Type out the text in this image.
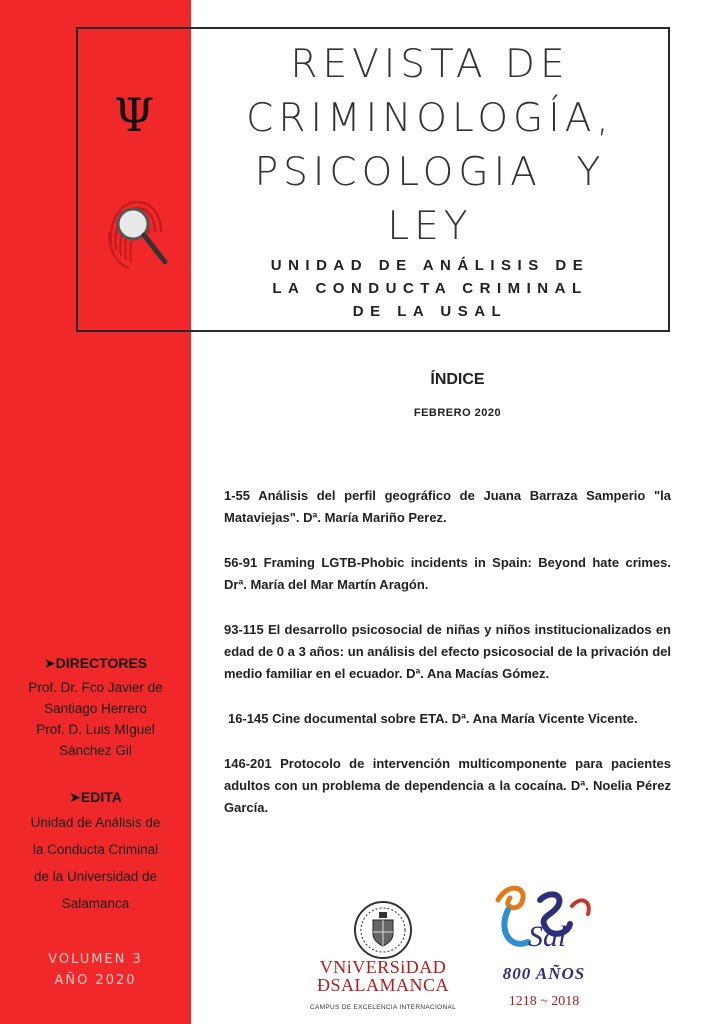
Ψ
REVISTA DE
CRIMINOLOGÍA,
PSICOLOGIA  Y
LEY
UNIDAD DE ANÁLISIS DE
LA CONDUCTA CRIMINAL
DE LA USAL
ÍNDICE
FEBRERO 2020

1-55 Análisis del perfil geográfico de Juana Barraza Samperio "la Mataviejas". Dª. María Mariño Perez.

56-91 Framing LGTB-Phobic incidents in Spain: Beyond hate crimes. Drª. María del Mar Martín Aragón.

93-115 El desarrollo psicosocial de niñas y niños institucionalizados en edad de 0 a 3 años: un análisis del efecto psicosocial de la privación del medio familiar en el ecuador. Dª. Ana Macías Gómez.

16-145 Cine documental sobre ETA. Dª. Ana María Vicente Vicente.

146-201 Protocolo de intervención multicomponente para pacientes adultos con un problema de dependencia a la cocaína. Dª. Noelia Pérez García.

➤DIRECTORES
Prof. Dr. Fco Javier de
Santiago Herrero
Prof. D. Luis MIguel
Sánchez Gil
➤EDITA
Unidad de Análisis de
la Conducta Criminal
de la Universidad de
Salamanca
VOLUMEN 3
AÑO 2020
VNiVERSiDAD
ÐSALAMANCA
CAMPUS DE EXCELENCIA INTERNACIONAL
Sal
800 AÑOS
1218 ~ 2018
